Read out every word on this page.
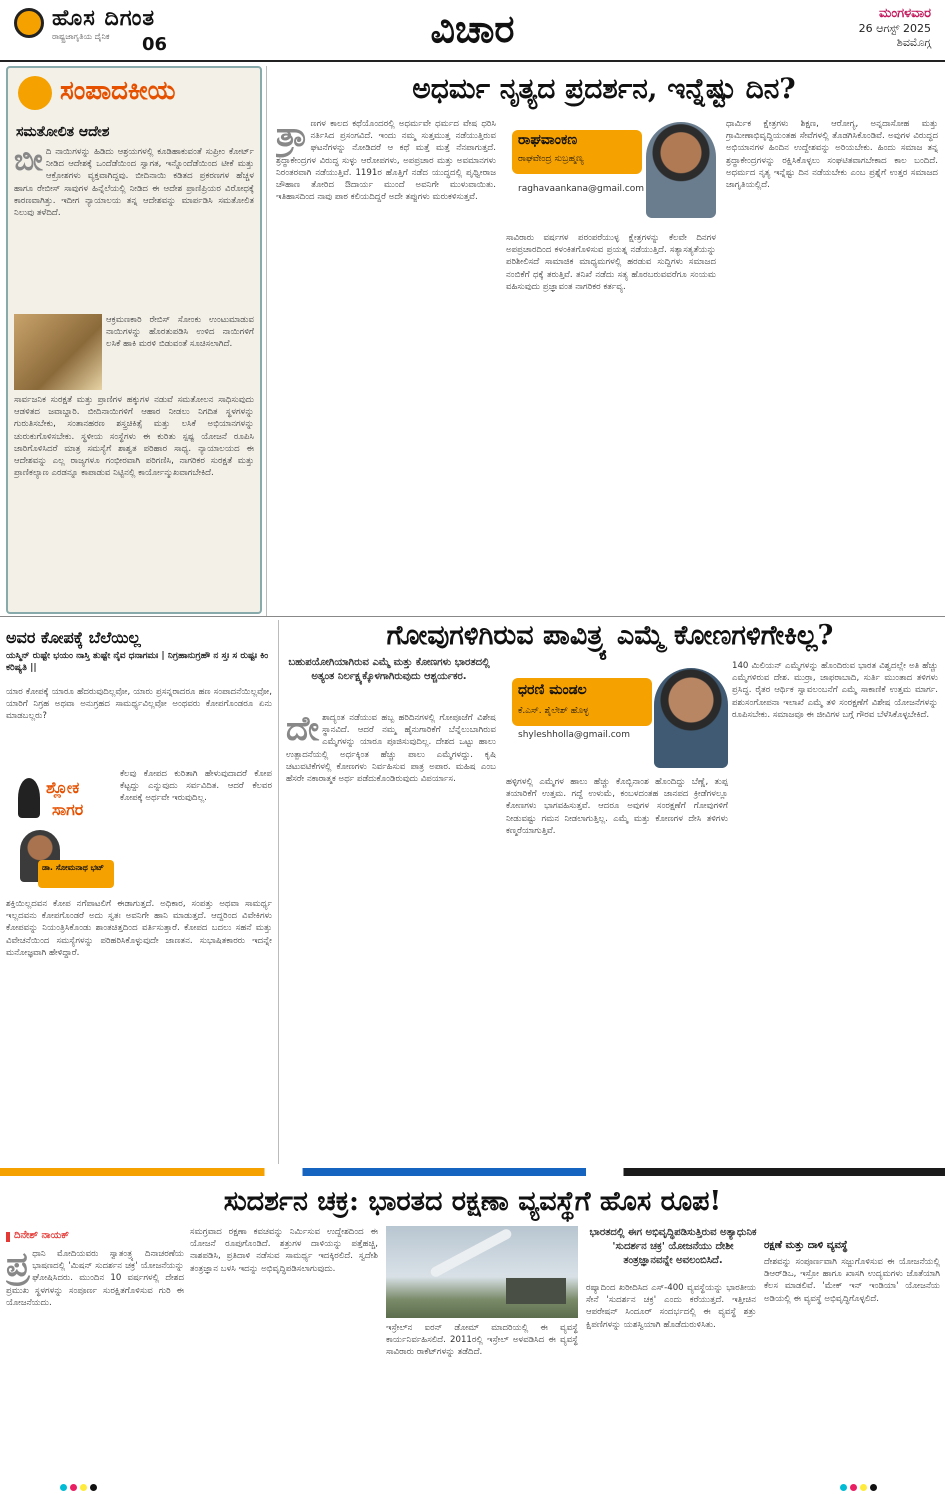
ಹೊಸ ದಿಗಂತ
ರಾಷ್ಟ್ರಜಾಗೃತಿಯ ದೈನಿಕ 06	ವಿಚಾರ	ಮಂಗಳವಾರ
26 ಆಗಸ್ಟ್ 2025
ಶಿವಮೊಗ್ಗ
ಸಂಪಾದಕೀಯ
ಸಮತೋಲಿತ ಆದೇಶ
ಬೀ ದಿ ನಾಯಿಗಳನ್ನು ಹಿಡಿದು ಆಶ್ರಯಗಳಲ್ಲಿ ಕೂಡಿಹಾಕುವಂತೆ ಸುಪ್ರೀಂ ಕೋರ್ಟ್ ನೀಡಿದ ಆದೇಶಕ್ಕೆ ಒಂದೆಡೆಯಿಂದ ಸ್ವಾಗತ, ಇನ್ನೊಂದೆಡೆಯಿಂದ ಟೀಕೆ ಮತ್ತು ಆಕ್ರೋಶಗಳು ವ್ಯಕ್ತವಾಗಿದ್ದವು. ಬೀದಿನಾಯಿ ಕಡಿತದ ಪ್ರಕರಣಗಳ ಹೆಚ್ಚಳ ಹಾಗೂ ರೇಬೀಸ್ ಸಾವುಗಳ ಹಿನ್ನೆಲೆಯಲ್ಲಿ ನೀಡಿದ ಈ ಆದೇಶ ಪ್ರಾಣಿಪ್ರಿಯರ ವಿರೋಧಕ್ಕೆ ಕಾರಣವಾಗಿತ್ತು. ಇದೀಗ ನ್ಯಾಯಾಲಯ ತನ್ನ ಆದೇಶವನ್ನು ಮಾರ್ಪಡಿಸಿ ಸಮತೋಲಿತ ನಿಲುವು ತಳೆದಿದೆ.
ಆಕ್ರಮಣಕಾರಿ ರೇಬಿಸ್ ಸೋಂಕು ಉಂಟುಮಾಡುವ ನಾಯಿಗಳನ್ನು ಹೊರತುಪಡಿಸಿ ಉಳಿದ ನಾಯಿಗಳಿಗೆ ಲಸಿಕೆ ಹಾಕಿ ಮರಳಿ ಬಿಡುವಂತೆ ಸೂಚಿಸಲಾಗಿದೆ.
ಸಾರ್ವಜನಿಕ ಸುರಕ್ಷತೆ ಮತ್ತು ಪ್ರಾಣಿಗಳ ಹಕ್ಕುಗಳ ನಡುವೆ ಸಮತೋಲನ ಸಾಧಿಸುವುದು ಆಡಳಿತದ ಜವಾಬ್ದಾರಿ. ಬೀದಿನಾಯಿಗಳಿಗೆ ಆಹಾರ ನೀಡಲು ನಿಗದಿತ ಸ್ಥಳಗಳನ್ನು ಗುರುತಿಸಬೇಕು, ಸಂತಾನಹರಣ ಶಸ್ತ್ರಚಿಕಿತ್ಸೆ ಮತ್ತು ಲಸಿಕೆ ಅಭಿಯಾನಗಳನ್ನು ಚುರುಕುಗೊಳಿಸಬೇಕು. ಸ್ಥಳೀಯ ಸಂಸ್ಥೆಗಳು ಈ ಕುರಿತು ಸ್ಪಷ್ಟ ಯೋಜನೆ ರೂಪಿಸಿ ಜಾರಿಗೊಳಿಸಿದರೆ ಮಾತ್ರ ಸಮಸ್ಯೆಗೆ ಶಾಶ್ವತ ಪರಿಹಾರ ಸಾಧ್ಯ. ನ್ಯಾಯಾಲಯದ ಈ ಆದೇಶವನ್ನು ಎಲ್ಲ ರಾಜ್ಯಗಳೂ ಗಂಭೀರವಾಗಿ ಪರಿಗಣಿಸಿ, ನಾಗರಿಕರ ಸುರಕ್ಷತೆ ಮತ್ತು ಪ್ರಾಣಿಕಲ್ಯಾಣ ಎರಡನ್ನೂ ಕಾಪಾಡುವ ನಿಟ್ಟಿನಲ್ಲಿ ಕಾರ್ಯೋನ್ಮುಖವಾಗಬೇಕಿದೆ.
ಅಧರ್ಮ ನೃತ್ಯದ ಪ್ರದರ್ಶನ, ಇನ್ನೆಷ್ಟು ದಿನ?
ತ್ರಾ ಣಗಳ ಕಾಲದ ಕಥೆಯೊಂದರಲ್ಲಿ ಅಧರ್ಮವೇ ಧರ್ಮದ ವೇಷ ಧರಿಸಿ ನರ್ತಿಸಿದ ಪ್ರಸಂಗವಿದೆ. ಇಂದು ನಮ್ಮ ಸುತ್ತಮುತ್ತ ನಡೆಯುತ್ತಿರುವ ಘಟನೆಗಳನ್ನು ನೋಡಿದರೆ ಆ ಕಥೆ ಮತ್ತೆ ಮತ್ತೆ ನೆನಪಾಗುತ್ತದೆ. ಶ್ರದ್ಧಾಕೇಂದ್ರಗಳ ವಿರುದ್ಧ ಸುಳ್ಳು ಆರೋಪಗಳು, ಅಪಪ್ರಚಾರ ಮತ್ತು ಅವಮಾನಗಳು ನಿರಂತರವಾಗಿ ನಡೆಯುತ್ತಿವೆ. 1191ರ ಹೊತ್ತಿಗೆ ನಡೆದ ಯುದ್ಧದಲ್ಲಿ ಪೃಥ್ವೀರಾಜ ಚೌಹಾಣ ತೋರಿದ ಔದಾರ್ಯ ಮುಂದೆ ಅವನಿಗೇ ಮುಳುವಾಯಿತು. ಇತಿಹಾಸದಿಂದ ನಾವು ಪಾಠ ಕಲಿಯದಿದ್ದರೆ ಅದೇ ತಪ್ಪುಗಳು ಮರುಕಳಿಸುತ್ತವೆ.
ರಾಘವಾಂಕಣ
ರಾಘವೇಂದ್ರ ಸುಬ್ರಹ್ಮಣ್ಯ
raghavaankana@gmail.com
ಸಾವಿರಾರು ವರ್ಷಗಳ ಪರಂಪರೆಯುಳ್ಳ ಕ್ಷೇತ್ರಗಳನ್ನು ಕೆಲವೇ ದಿನಗಳ ಅಪಪ್ರಚಾರದಿಂದ ಕಳಂಕಿತಗೊಳಿಸುವ ಪ್ರಯತ್ನ ನಡೆಯುತ್ತಿದೆ. ಸತ್ಯಾಸತ್ಯತೆಯನ್ನು ಪರಿಶೀಲಿಸದೆ ಸಾಮಾಜಿಕ ಮಾಧ್ಯಮಗಳಲ್ಲಿ ಹರಡುವ ಸುದ್ದಿಗಳು ಸಮಾಜದ ನಂಬಿಕೆಗೆ ಧಕ್ಕೆ ತರುತ್ತಿವೆ. ತನಿಖೆ ನಡೆದು ಸತ್ಯ ಹೊರಬರುವವರೆಗೂ ಸಂಯಮ ವಹಿಸುವುದು ಪ್ರಜ್ಞಾವಂತ ನಾಗರಿಕರ ಕರ್ತವ್ಯ.
ಧಾರ್ಮಿಕ ಕ್ಷೇತ್ರಗಳು ಶಿಕ್ಷಣ, ಆರೋಗ್ಯ, ಅನ್ನದಾಸೋಹ ಮತ್ತು ಗ್ರಾಮೀಣಾಭಿವೃದ್ಧಿಯಂತಹ ಸೇವೆಗಳಲ್ಲಿ ತೊಡಗಿಸಿಕೊಂಡಿವೆ. ಅವುಗಳ ವಿರುದ್ಧದ ಅಭಿಯಾನಗಳ ಹಿಂದಿನ ಉದ್ದೇಶವನ್ನು ಅರಿಯಬೇಕು. ಹಿಂದು ಸಮಾಜ ತನ್ನ ಶ್ರದ್ಧಾಕೇಂದ್ರಗಳನ್ನು ರಕ್ಷಿಸಿಕೊಳ್ಳಲು ಸಂಘಟಿತವಾಗಬೇಕಾದ ಕಾಲ ಬಂದಿದೆ. ಅಧರ್ಮದ ನೃತ್ಯ ಇನ್ನೆಷ್ಟು ದಿನ ನಡೆಯಬೇಕು ಎಂಬ ಪ್ರಶ್ನೆಗೆ ಉತ್ತರ ಸಮಾಜದ ಜಾಗೃತಿಯಲ್ಲಿದೆ.
ಅವರ ಕೋಪಕ್ಕೆ ಬೆಲೆಯಿಲ್ಲ
ಯಸ್ಮಿನ್ ರುಷ್ಟೇ ಭಯಂ ನಾಸ್ತಿ ತುಷ್ಟೇ ನೈವ ಧನಾಗಮಃ | ನಿಗ್ರಹಾನುಗ್ರಹೌ ನ ಸ್ತಃ ಸ ರುಷ್ಟಃ ಕಿಂ ಕರಿಷ್ಯತಿ ||
ಯಾರ ಕೋಪಕ್ಕೆ ಯಾರೂ ಹೆದರುವುದಿಲ್ಲವೋ, ಯಾರು ಪ್ರಸನ್ನರಾದರೂ ಹಣ ಸಂಪಾದನೆಯಿಲ್ಲವೋ, ಯಾರಿಗೆ ನಿಗ್ರಹ ಅಥವಾ ಅನುಗ್ರಹದ ಸಾಮರ್ಥ್ಯವಿಲ್ಲವೋ ಅಂಥವರು ಕೋಪಗೊಂಡರೂ ಏನು ಮಾಡಬಲ್ಲರು?
ಶ್ಲೋಕ
ಸಾಗರ
ಡಾ. ಸೋಮನಾಥ ಭಟ್
ಕೆಲವು ಕೋಪದ ಕುರಿತಾಗಿ ಹೇಳುವುದಾದರೆ ಕೋಪ ಕೆಟ್ಟದ್ದು ಎನ್ನುವುದು ಸರ್ವವಿದಿತ. ಆದರೆ ಕೆಲವರ ಕೋಪಕ್ಕೆ ಅರ್ಥವೇ ಇರುವುದಿಲ್ಲ.
ಶಕ್ತಿಯಿಲ್ಲದವನ ಕೋಪ ನಗೆಪಾಟಲಿಗೆ ಈಡಾಗುತ್ತದೆ. ಅಧಿಕಾರ, ಸಂಪತ್ತು ಅಥವಾ ಸಾಮರ್ಥ್ಯ ಇಲ್ಲದವನು ಕೋಪಗೊಂಡರೆ ಅದು ಸ್ವತಃ ಅವನಿಗೇ ಹಾನಿ ಮಾಡುತ್ತದೆ. ಆದ್ದರಿಂದ ವಿವೇಕಿಗಳು ಕೋಪವನ್ನು ನಿಯಂತ್ರಿಸಿಕೊಂಡು ಶಾಂತಚಿತ್ತದಿಂದ ವರ್ತಿಸುತ್ತಾರೆ. ಕೋಪದ ಬದಲು ಸಹನೆ ಮತ್ತು ವಿವೇಚನೆಯಿಂದ ಸಮಸ್ಯೆಗಳನ್ನು ಪರಿಹರಿಸಿಕೊಳ್ಳುವುದೇ ಜಾಣತನ. ಸುಭಾಷಿತಕಾರರು ಇದನ್ನೇ ಮನೋಜ್ಞವಾಗಿ ಹೇಳಿದ್ದಾರೆ.
ಗೋವುಗಳಿಗಿರುವ ಪಾವಿತ್ರ್ಯ ಎಮ್ಮೆ ಕೋಣಗಳಿಗೇಕಿಲ್ಲ?
ಬಹುಪಯೋಗಿಯಾಗಿರುವ ಎಮ್ಮೆ ಮತ್ತು ಕೋಣಗಳು ಭಾರತದಲ್ಲಿ ಅತ್ಯಂತ ನಿರ್ಲಕ್ಷ್ಯಕ್ಕೊಳಗಾಗಿರುವುದು ಆಶ್ಚರ್ಯಕರ.
ದೇ ಶಾದ್ಯಂತ ನಡೆಯುವ ಹಬ್ಬ ಹರಿದಿನಗಳಲ್ಲಿ ಗೋಪೂಜೆಗೆ ವಿಶೇಷ ಸ್ಥಾನವಿದೆ. ಆದರೆ ನಮ್ಮ ಹೈನುಗಾರಿಕೆಗೆ ಬೆನ್ನೆಲುಬಾಗಿರುವ ಎಮ್ಮೆಗಳನ್ನು ಯಾರೂ ಪೂಜಿಸುವುದಿಲ್ಲ. ದೇಶದ ಒಟ್ಟು ಹಾಲು ಉತ್ಪಾದನೆಯಲ್ಲಿ ಅರ್ಧಕ್ಕಿಂತ ಹೆಚ್ಚು ಪಾಲು ಎಮ್ಮೆಗಳದ್ದು. ಕೃಷಿ ಚಟುವಟಿಕೆಗಳಲ್ಲಿ ಕೋಣಗಳು ನಿರ್ವಹಿಸುವ ಪಾತ್ರ ಅಪಾರ. ಮಹಿಷ ಎಂಬ ಹೆಸರೇ ನಕಾರಾತ್ಮಕ ಅರ್ಥ ಪಡೆದುಕೊಂಡಿರುವುದು ವಿಪರ್ಯಾಸ.
ಧರಣಿ ಮಂಡಲ
ಕೆ.ಎಸ್. ಶೈಲೇಶ್ ಹೊಳ್ಳ
shyleshholla@gmail.com
ಹಳ್ಳಿಗಳಲ್ಲಿ ಎಮ್ಮೆಗಳ ಹಾಲು ಹೆಚ್ಚು ಕೊಬ್ಬಿನಾಂಶ ಹೊಂದಿದ್ದು ಬೆಣ್ಣೆ, ತುಪ್ಪ ತಯಾರಿಕೆಗೆ ಉತ್ತಮ. ಗದ್ದೆ ಉಳುಮೆ, ಕಂಬಳದಂತಹ ಜಾನಪದ ಕ್ರೀಡೆಗಳಲ್ಲೂ ಕೋಣಗಳು ಭಾಗವಹಿಸುತ್ತವೆ. ಆದರೂ ಅವುಗಳ ಸಂರಕ್ಷಣೆಗೆ ಗೋವುಗಳಿಗೆ ನೀಡುವಷ್ಟು ಗಮನ ನೀಡಲಾಗುತ್ತಿಲ್ಲ. ಎಮ್ಮೆ ಮತ್ತು ಕೋಣಗಳ ದೇಸಿ ತಳಿಗಳು ಕಣ್ಮರೆಯಾಗುತ್ತಿವೆ.
140 ಮಿಲಿಯನ್ ಎಮ್ಮೆಗಳನ್ನು ಹೊಂದಿರುವ ಭಾರತ ವಿಶ್ವದಲ್ಲೇ ಅತಿ ಹೆಚ್ಚು ಎಮ್ಮೆಗಳಿರುವ ದೇಶ. ಮುರ್ರಾ, ಜಾಫರಾಬಾದಿ, ಸುರ್ತಿ ಮುಂತಾದ ತಳಿಗಳು ಪ್ರಸಿದ್ಧ. ರೈತರ ಆರ್ಥಿಕ ಸ್ವಾವಲಂಬನೆಗೆ ಎಮ್ಮೆ ಸಾಕಾಣಿಕೆ ಉತ್ತಮ ಮಾರ್ಗ. ಪಶುಸಂಗೋಪನಾ ಇಲಾಖೆ ಎಮ್ಮೆ ತಳಿ ಸಂರಕ್ಷಣೆಗೆ ವಿಶೇಷ ಯೋಜನೆಗಳನ್ನು ರೂಪಿಸಬೇಕು. ಸಮಾಜವೂ ಈ ಜೀವಿಗಳ ಬಗ್ಗೆ ಗೌರವ ಬೆಳೆಸಿಕೊಳ್ಳಬೇಕಿದೆ.
ಸುದರ್ಶನ ಚಕ್ರ: ಭಾರತದ ರಕ್ಷಣಾ ವ್ಯವಸ್ಥೆಗೆ ಹೊಸ ರೂಪ!
ದಿನೇಶ್ ನಾಯಕ್
ಪ್ರ ಧಾನಿ ಮೋದಿಯವರು ಸ್ವಾತಂತ್ರ್ಯ ದಿನಾಚರಣೆಯ ಭಾಷಣದಲ್ಲಿ 'ಮಿಷನ್ ಸುದರ್ಶನ ಚಕ್ರ' ಯೋಜನೆಯನ್ನು ಘೋಷಿಸಿದರು. ಮುಂದಿನ 10 ವರ್ಷಗಳಲ್ಲಿ ದೇಶದ ಪ್ರಮುಖ ಸ್ಥಳಗಳನ್ನು ಸಂಪೂರ್ಣ ಸುರಕ್ಷಿತಗೊಳಿಸುವ ಗುರಿ ಈ ಯೋಜನೆಯದು.
ಸಮಗ್ರವಾದ ರಕ್ಷಣಾ ಕವಚವನ್ನು ನಿರ್ಮಿಸುವ ಉದ್ದೇಶದಿಂದ ಈ ಯೋಜನೆ ರೂಪುಗೊಂಡಿದೆ. ಶತ್ರುಗಳ ದಾಳಿಯನ್ನು ಪತ್ತೆಹಚ್ಚಿ, ನಾಶಪಡಿಸಿ, ಪ್ರತಿದಾಳಿ ನಡೆಸುವ ಸಾಮರ್ಥ್ಯ ಇದಕ್ಕಿರಲಿದೆ. ಸ್ವದೇಶಿ ತಂತ್ರಜ್ಞಾನ ಬಳಸಿ ಇದನ್ನು ಅಭಿವೃದ್ಧಿಪಡಿಸಲಾಗುವುದು.
ಭಾರತದಲ್ಲಿ ಈಗ ಅಭಿವೃದ್ಧಿಪಡಿಸುತ್ತಿರುವ ಅತ್ಯಾಧುನಿಕ 'ಸುದರ್ಶನ ಚಕ್ರ' ಯೋಜನೆಯು ದೇಶೀ ತಂತ್ರಜ್ಞಾನವನ್ನೇ ಅವಲಂಬಿಸಿದೆ.
ಇಸ್ರೇಲ್‌ನ ಐರನ್ ಡೋಮ್ ಮಾದರಿಯಲ್ಲಿ ಈ ವ್ಯವಸ್ಥೆ ಕಾರ್ಯನಿರ್ವಹಿಸಲಿದೆ. 2011ರಲ್ಲಿ ಇಸ್ರೇಲ್ ಅಳವಡಿಸಿದ ಈ ವ್ಯವಸ್ಥೆ ಸಾವಿರಾರು ರಾಕೆಟ್‌ಗಳನ್ನು ತಡೆದಿದೆ.
ರಷ್ಯಾದಿಂದ ಖರೀದಿಸಿದ ಎಸ್-400 ವ್ಯವಸ್ಥೆಯನ್ನು ಭಾರತೀಯ ಸೇನೆ 'ಸುದರ್ಶನ ಚಕ್ರ' ಎಂದು ಕರೆಯುತ್ತದೆ. ಇತ್ತೀಚಿನ ಆಪರೇಷನ್ ಸಿಂದೂರ್ ಸಂದರ್ಭದಲ್ಲಿ ಈ ವ್ಯವಸ್ಥೆ ಶತ್ರು ಕ್ಷಿಪಣಿಗಳನ್ನು ಯಶಸ್ವಿಯಾಗಿ ಹೊಡೆದುರುಳಿಸಿತು.
ರಕ್ಷಣೆ ಮತ್ತು ದಾಳಿ ವ್ಯವಸ್ಥೆ
ದೇಶವನ್ನು ಸಂಪೂರ್ಣವಾಗಿ ಸಜ್ಜುಗೊಳಿಸುವ ಈ ಯೋಜನೆಯಲ್ಲಿ ಡಿಆರ್‌ಡಿಒ, ಇಸ್ರೋ ಹಾಗೂ ಖಾಸಗಿ ಉದ್ಯಮಗಳು ಜೊತೆಯಾಗಿ ಕೆಲಸ ಮಾಡಲಿವೆ. 'ಮೇಕ್ ಇನ್ ಇಂಡಿಯಾ' ಯೋಜನೆಯ ಅಡಿಯಲ್ಲಿ ಈ ವ್ಯವಸ್ಥೆ ಅಭಿವೃದ್ಧಿಗೊಳ್ಳಲಿದೆ.
